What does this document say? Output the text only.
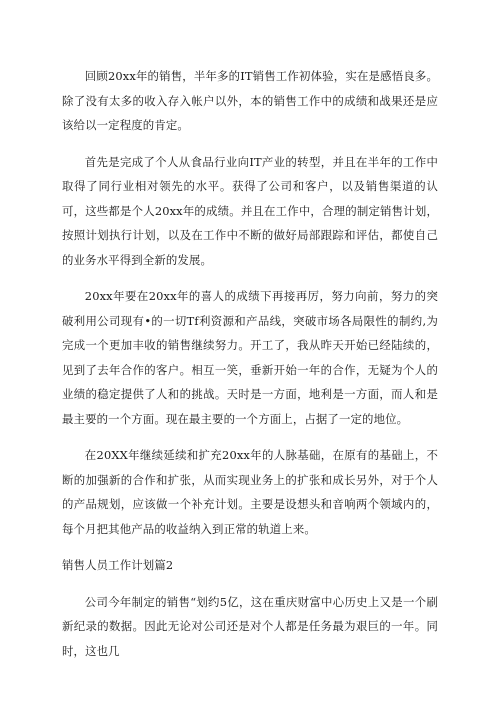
回顾20xx年的销售，半年多的IT销售工作初体验，实在是感悟良多。除了没有太多的收入存入帐户以外，本的销售工作中的成绩和战果还是应该给以一定程度的肯定。

首先是完成了个人从食品行业向IT产业的转型，并且在半年的工作中取得了同行业相对领先的水平。获得了公司和客户，以及销售渠道的认可，这些都是个人20xx年的成绩。并且在工作中，合理的制定销售计划，按照计划执行计划，以及在工作中不断的做好局部跟踪和评估，都使自己的业务水平得到全新的发展。

20xx年要在20xx年的喜人的成绩下再接再厉，努力向前，努力的突破利用公司现有•的一切Tf利资源和产品线，突破市场各局限性的制约,为完成一个更加丰收的销售继续努力。开工了，我从昨天开始已经陆续的，见到了去年合作的客户。相互一笑，垂新开始一年的合作，无疑为个人的业绩的稳定提供了人和的挑战。天时是一方面，地利是一方面，而人和是最主要的一个方面。现在最主要的一个方面上，占据了一定的地位。

在20XX年继续延续和扩充20xx年的人脉基础，在原有的基础上，不断的加强新的合作和扩张，从而实现业务上的扩张和成长另外，对于个人的产品规划，应该做一个补充计划。主要是设想头和音响两个领域内的，每个月把其他产品的收益纳入到正常的轨道上来。

销售人员工作计划篇2

公司今年制定的销售“划约5亿，这在重庆财富中心历史上又是一个刷新纪录的数据。因此无论对公司还是对个人都是任务最为艰巨的一年。同时，这也几
